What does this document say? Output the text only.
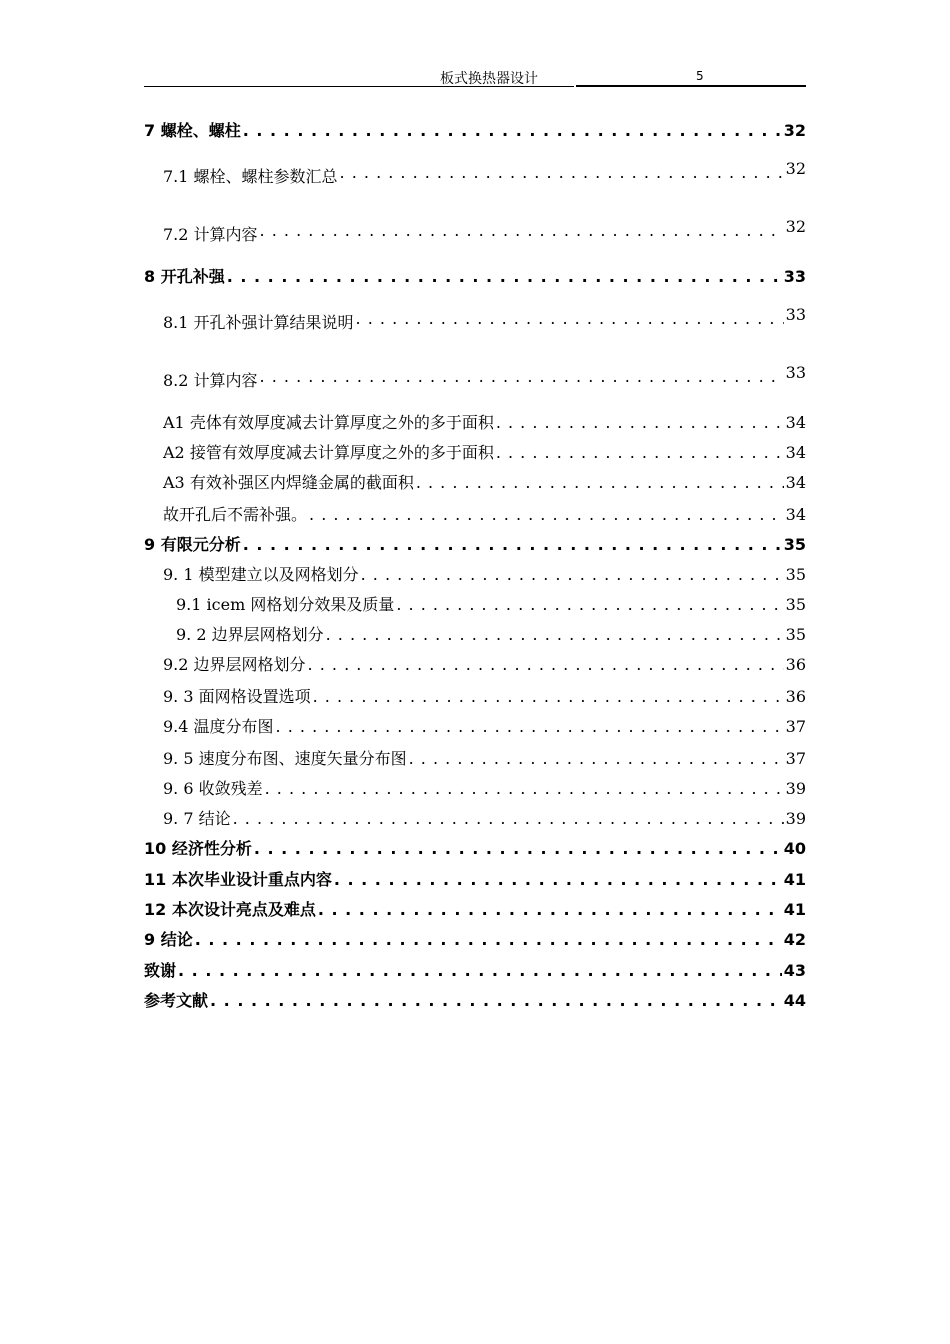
板式换热器设计	5
7 螺栓、螺柱 . . .	32
7.1 螺栓、螺柱参数汇总 . . .	32
7.2 计算内容 . . .	32
8 开孔补强 . . .	33
8.1 开孔补强计算结果说明 . . .	33
8.2 计算内容 . . .	33
A1 壳体有效厚度减去计算厚度之外的多于面积 . . .	34
A2 接管有效厚度减去计算厚度之外的多于面积 . . .	34
A3 有效补强区内焊缝金属的截面积 . . .	34
故开孔后不需补强。 . . .	34
9 有限元分析 . . .	35
9. 1 模型建立以及网格划分 . . .	35
9.1 icem 网格划分效果及质量 . . .	35
9. 2 边界层网格划分 . . .	35
9.2 边界层网格划分 . . .	36
9. 3 面网格设置选项 . . .	36
9.4 温度分布图 . . .	37
9. 5 速度分布图、速度矢量分布图 . . .	37
9. 6 收敛残差 . . .	39
9. 7 结论 . . .	39
10 经济性分析 . . .	40
11 本次毕业设计重点内容 . . .	41
12 本次设计亮点及难点 . . .	41
9 结论 . . .	42
致谢 . . .	43
参考文献 . . .	44
